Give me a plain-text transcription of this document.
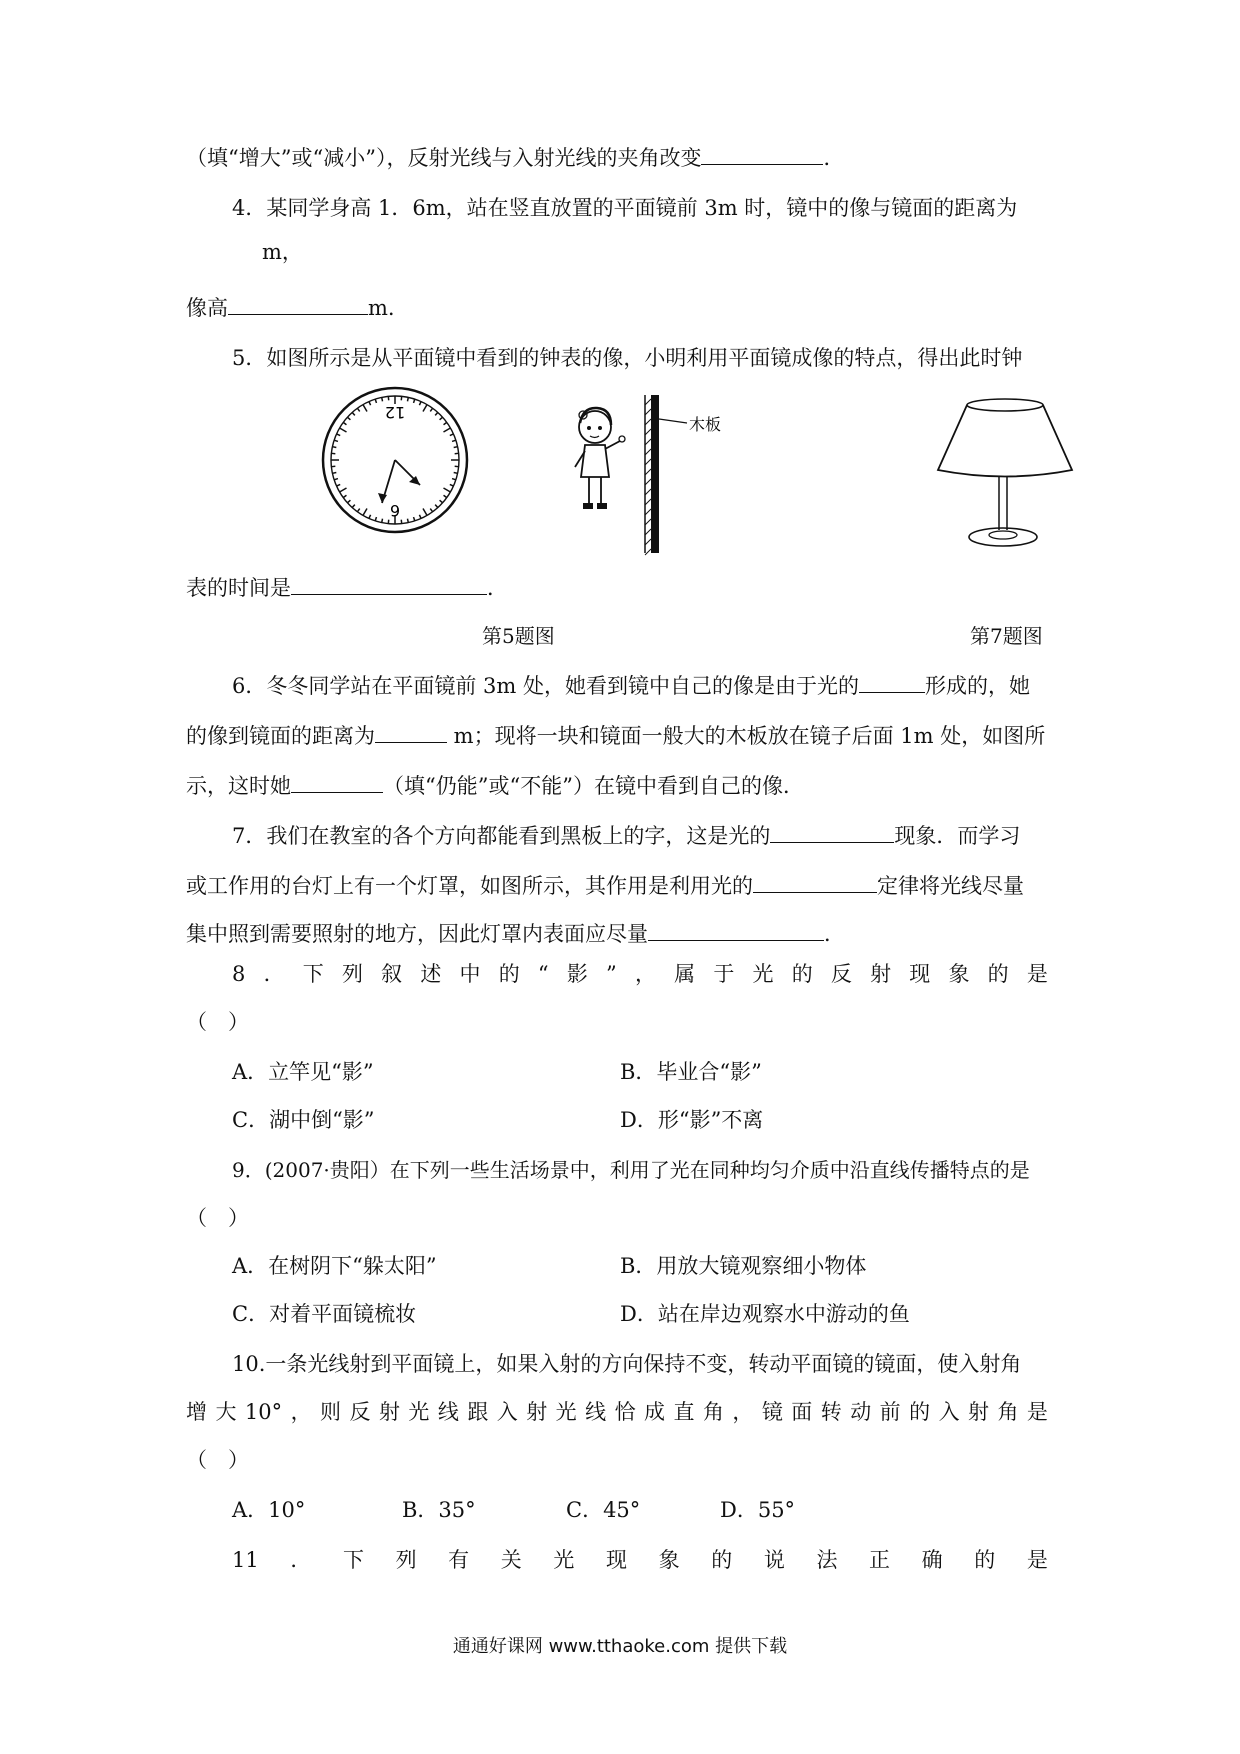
（填“增大”或“减小”），反射光线与入射光线的夹角改变	．
4．某同学身高 1．6m，站在竖直放置的平面镜前 3m 时，镜中的像与镜面的距离为
m，
像高	m.
5．如图所示是从平面镜中看到的钟表的像，小明利用平面镜成像的特点，得出此时钟
12
6
木板
表的时间是	．
第5题图	第7题图
6．冬冬同学站在平面镜前 3m 处，她看到镜中自己的像是由于光的	形成的，她
的像到镜面的距离为	m；现将一块和镜面一般大的木板放在镜子后面 1m 处，如图所
示，这时她	（填“仍能”或“不能”）在镜中看到自己的像．
7．我们在教室的各个方向都能看到黑板上的字，这是光的	现象．而学习
或工作用的台灯上有一个灯罩，如图所示，其作用是利用光的	定律将光线尽量
集中照到需要照射的地方，因此灯罩内表面应尽量	．
8 ． 下 列 叙 述 中 的 “ 影 ” ， 属 于 光 的 反 射 现 象 的 是
（　）
A．立竿见“影”	B．毕业合“影”
C．湖中倒“影”	D．形“影”不离
9．(2007·贵阳）在下列一些生活场景中，利用了光在同种均匀介质中沿直线传播特点的是
（　）
A．在树阴下“躲太阳”	B．用放大镜观察细小物体
C．对着平面镜梳妆	D．站在岸边观察水中游动的鱼
10.一条光线射到平面镜上，如果入射的方向保持不变，转动平面镜的镜面，使入射角
增 大 10° ， 则 反 射 光 线 跟 入 射 光 线 恰 成 直 角 ， 镜 面 转 动 前 的 入 射 角 是
（　）
A．10°	B．35°	C．45°	D．55°
11 ． 下 列 有 关 光 现 象 的 说 法 正 确 的 是
通通好课网 www.tthaoke.com 提供下载
